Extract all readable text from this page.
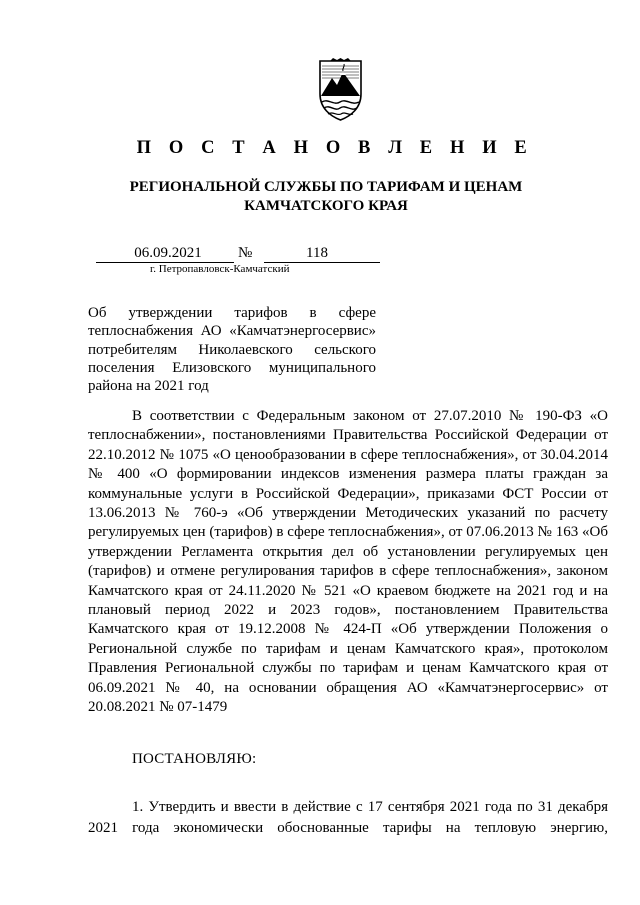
П О С Т А Н О В Л Е Н И Е
РЕГИОНАЛЬНОЙ СЛУЖБЫ ПО ТАРИФАМ И ЦЕНАМ
КАМЧАТСКОГО КРАЯ
06.09.2021	№	118
г. Петропавловск-Камчатский
Об утверждении тарифов в сфере
теплоснабжения АО «Камчатэнергосервис»
потребителям Николаевского сельского
поселения Елизовского муниципального
района на 2021 год
В соответствии с Федеральным законом от 27.07.2010 № 190-ФЗ «О
теплоснабжении», постановлениями Правительства Российской Федерации от
22.10.2012 № 1075 «О ценообразовании в сфере теплоснабжения», от 30.04.2014
№ 400 «О формировании индексов изменения размера платы граждан за
коммунальные услуги в Российской Федерации», приказами ФСТ России от
13.06.2013 № 760-э «Об утверждении Методических указаний по расчету
регулируемых цен (тарифов) в сфере теплоснабжения», от 07.06.2013 № 163 «Об
утверждении Регламента открытия дел об установлении регулируемых цен
(тарифов) и отмене регулирования тарифов в сфере теплоснабжения», законом
Камчатского края от 24.11.2020 № 521 «О краевом бюджете на 2021 год и на
плановый период 2022 и 2023 годов», постановлением Правительства
Камчатского края от 19.12.2008 № 424-П «Об утверждении Положения о
Региональной службе по тарифам и ценам Камчатского края», протоколом
Правления Региональной службы по тарифам и ценам Камчатского края от
06.09.2021 № 40, на основании обращения АО «Камчатэнергосервис» от
20.08.2021 № 07-1479
ПОСТАНОВЛЯЮ:
1. Утвердить и ввести в действие с 17 сентября 2021 года по 31 декабря
2021 года экономически обоснованные тарифы на тепловую энергию,
